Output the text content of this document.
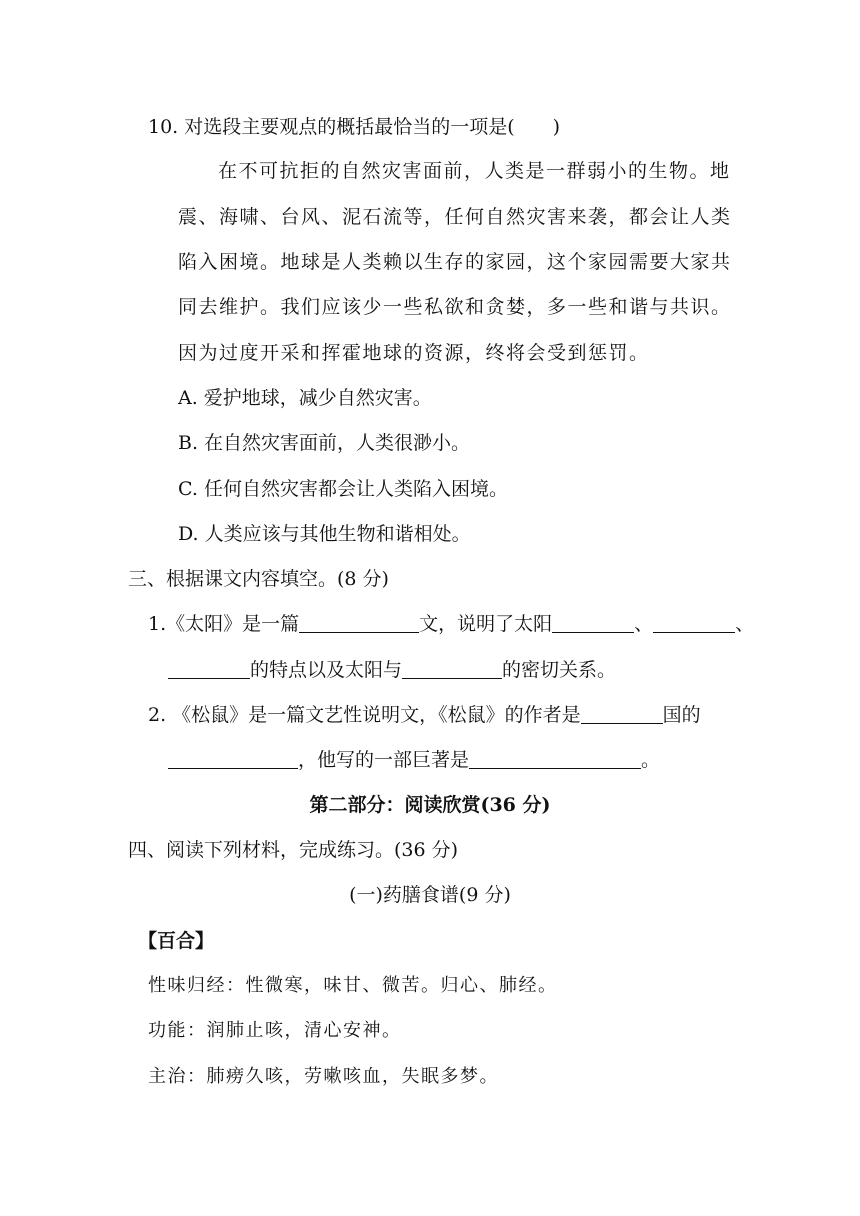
10. 对选段主要观点的概括最恰当的一项是(　　)
在不可抗拒的自然灾害面前，人类是一群弱小的生物。地
震、海啸、台风、泥石流等，任何自然灾害来袭，都会让人类
陷入困境。地球是人类赖以生存的家园，这个家园需要大家共
同去维护。我们应该少一些私欲和贪婪，多一些和谐与共识。
因为过度开采和挥霍地球的资源，终将会受到惩罚。
A. 爱护地球，减少自然灾害。
B. 在自然灾害面前，人类很渺小。
C. 任何自然灾害都会让人类陷入困境。
D. 人类应该与其他生物和谐相处。
三、根据课文内容填空。(8 分)
1.《太阳》是一篇	文，说明了太阳	、	、
的特点以及太阳与	的密切关系。
2. 《松鼠》是一篇文艺性说明文，《松鼠》的作者是	国的
，他写的一部巨著是	。
第二部分：阅读欣赏(36 分)
四、阅读下列材料，完成练习。(36 分)
(一)药膳食谱(9 分)
【百合】
性味归经：性微寒，味甘、微苦。归心、肺经。
功能：润肺止咳，清心安神。
主治：肺痨久咳，劳嗽咳血，失眠多梦。
